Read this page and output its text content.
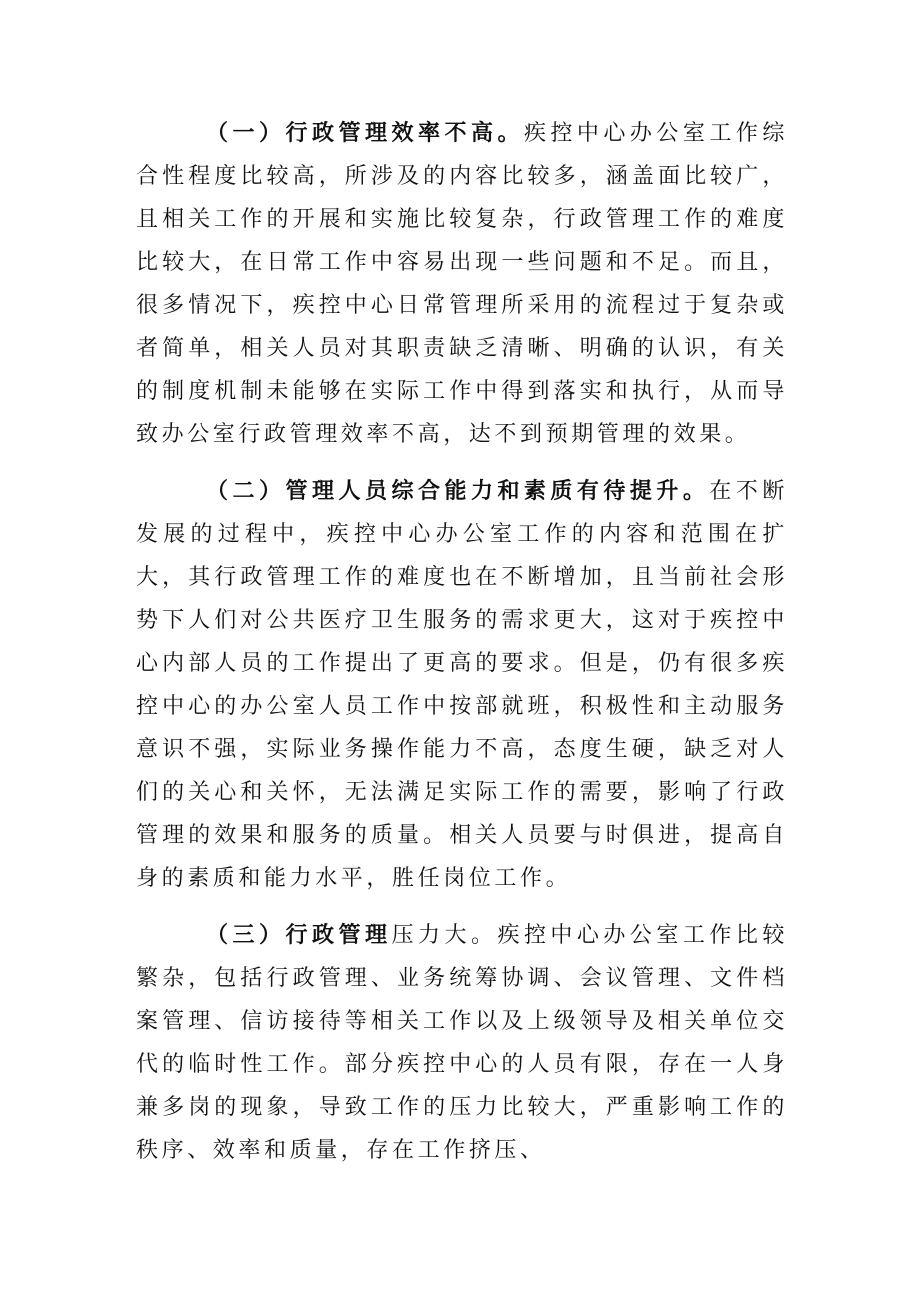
（一）行政管理效率不高。疾控中心办公室工作综合性程度比较高，所涉及的内容比较多，涵盖面比较广，且相关工作的开展和实施比较复杂，行政管理工作的难度比较大，在日常工作中容易出现一些问题和不足。而且，很多情况下，疾控中心日常管理所采用的流程过于复杂或者简单，相关人员对其职责缺乏清晰、明确的认识，有关的制度机制未能够在实际工作中得到落实和执行，从而导致办公室行政管理效率不高，达不到预期管理的效果。

（二）管理人员综合能力和素质有待提升。在不断发展的过程中，疾控中心办公室工作的内容和范围在扩大，其行政管理工作的难度也在不断增加，且当前社会形势下人们对公共医疗卫生服务的需求更大，这对于疾控中心内部人员的工作提出了更高的要求。但是，仍有很多疾控中心的办公室人员工作中按部就班，积极性和主动服务意识不强，实际业务操作能力不高，态度生硬，缺乏对人们的关心和关怀，无法满足实际工作的需要，影响了行政管理的效果和服务的质量。相关人员要与时俱进，提高自身的素质和能力水平，胜任岗位工作。

（三）行政管理压力大。疾控中心办公室工作比较繁杂，包括行政管理、业务统筹协调、会议管理、文件档案管理、信访接待等相关工作以及上级领导及相关单位交代的临时性工作。部分疾控中心的人员有限，存在一人身兼多岗的现象，导致工作的压力比较大，严重影响工作的秩序、效率和质量，存在工作挤压、
